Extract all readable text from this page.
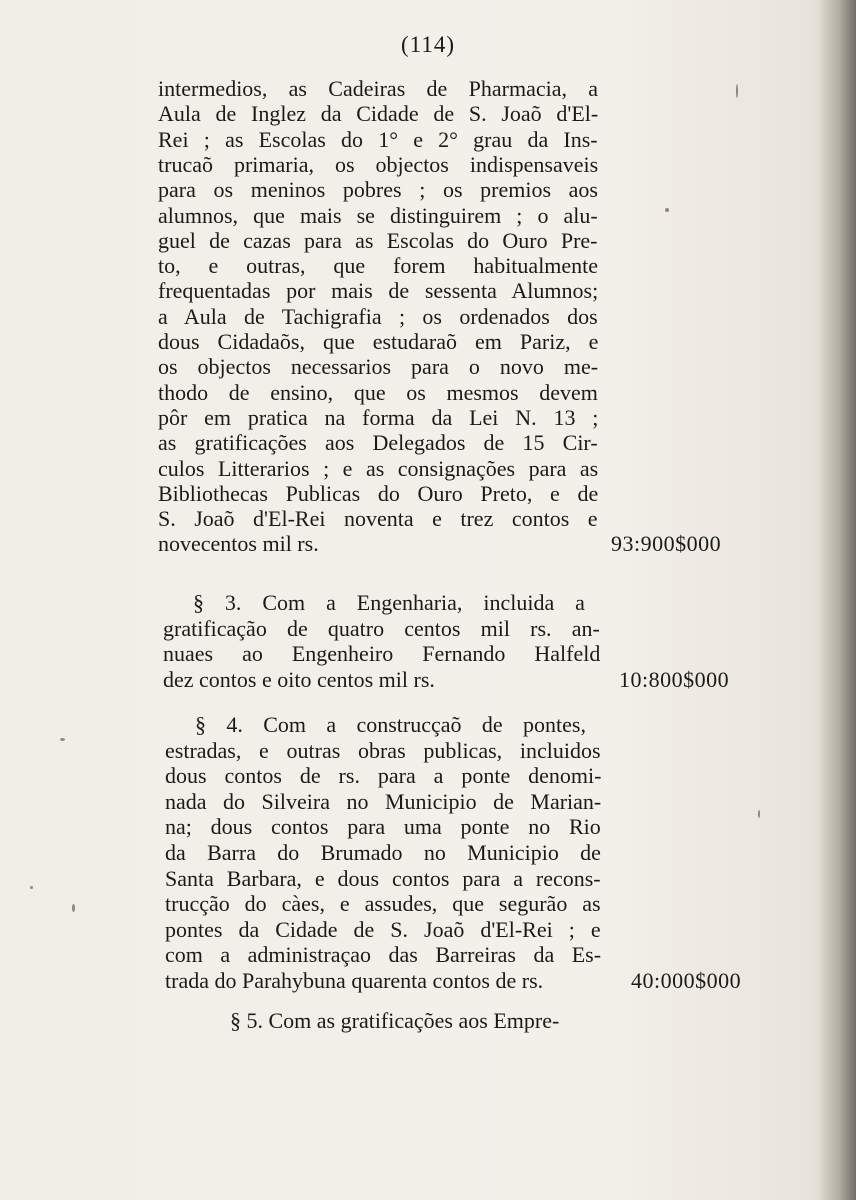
(114)
intermedios, as Cadeiras de Pharmacia, a
Aula de Inglez da Cidade de S. Joaõ d'El-
Rei ; as Escolas do 1° e 2° grau da Ins-
trucaõ primaria, os objectos indispensaveis
para os meninos pobres ; os premios aos
alumnos, que mais se distinguirem ; o alu-
guel de cazas para as Escolas do Ouro Pre-
to, e outras, que forem habitualmente
frequentadas por mais de sessenta Alumnos;
a Aula de Tachigrafia ; os ordenados dos
dous Cidadaõs, que estudaraõ em Pariz, e
os objectos necessarios para o novo me-
thodo de ensino, que os mesmos devem
pôr em pratica na forma da Lei N. 13 ;
as gratificações aos Delegados de 15 Cir-
culos Litterarios ; e as consignações para as
Bibliothecas Publicas do Ouro Preto, e de
S. Joaõ d'El-Rei noventa e trez contos e
novecentos mil rs.	93:900$000
§ 3. Com a Engenharia, incluida a
gratificação de quatro centos mil rs. an-
nuaes ao Engenheiro Fernando Halfeld
dez contos e oito centos mil rs.	10:800$000
§ 4. Com a construcçaõ de pontes,
estradas, e outras obras publicas, incluidos
dous contos de rs. para a ponte denomi-
nada do Silveira no Municipio de Marian-
na; dous contos para uma ponte no Rio
da Barra do Brumado no Municipio de
Santa Barbara, e dous contos para a recons-
trucção do càes, e assudes, que segurão as
pontes da Cidade de S. Joaõ d'El-Rei ; e
com a administraçao das Barreiras da Es-
trada do Parahybuna quarenta contos de rs.	40:000$000
§ 5. Com as gratificações aos Empre-
